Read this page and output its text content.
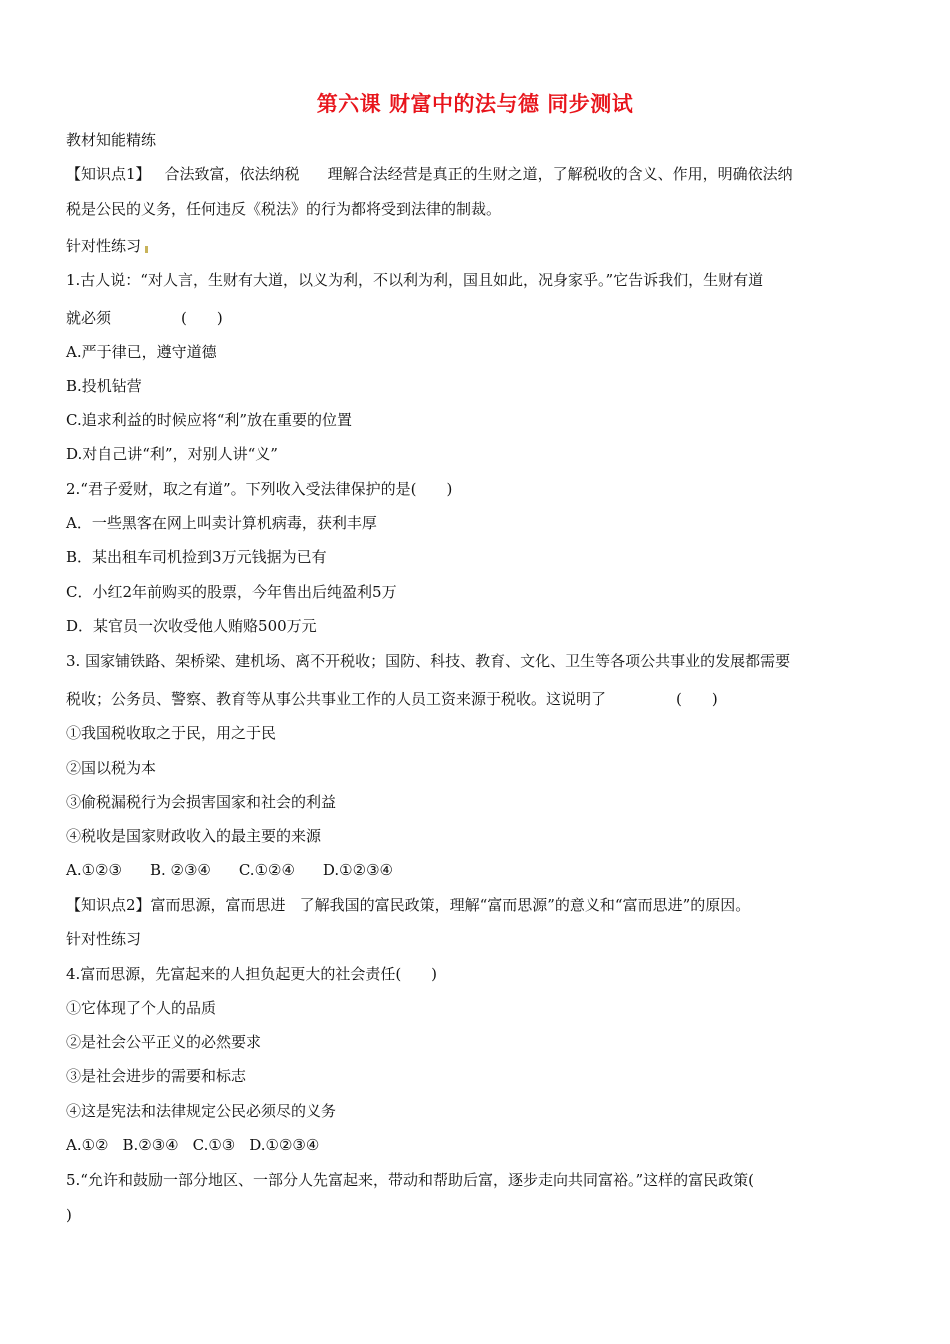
第六课 财富中的法与德 同步测试
教材知能精练
【知识点1】 合法致富，依法纳税 理解合法经营是真正的生财之道，了解税收的含义、作用，明确依法纳
税是公民的义务，任何违反《税法》的行为都将受到法律的制裁。
针对性练习
1.古人说：“对人言，生财有大道，以义为利，不以利为利，国且如此，况身家乎。”它告诉我们，生财有道
就必须	(　　)
A.严于律已，遵守道德
B.投机钻营
C.追求利益的时候应将“利”放在重要的位置
D.对自己讲“利”，对别人讲“义”
2.“君子爱财，取之有道”。下列收入受法律保护的是(　　)
A．一些黑客在网上叫卖计算机病毒，获利丰厚
B．某出租车司机捡到3万元钱据为已有
C．小红2年前购买的股票，今年售出后纯盈利5万
D．某官员一次收受他人贿赂500万元
3. 国家铺铁路、架桥梁、建机场、离不开税收；国防、科技、教育、文化、卫生等各项公共事业的发展都需要
税收；公务员、警察、教育等从事公共事业工作的人员工资来源于税收。这说明了	(　　)
①我国税收取之于民，用之于民
②国以税为本
③偷税漏税行为会损害国家和社会的利益
④税收是国家财政收入的最主要的来源
A.①②③ B. ②③④ C.①②④ D.①②③④
【知识点2】富而思源，富而思进 了解我国的富民政策，理解“富而思源”的意义和“富而思进”的原因。
针对性练习
4.富而思源，先富起来的人担负起更大的社会责任(　　)
①它体现了个人的品质
②是社会公平正义的必然要求
③是社会进步的需要和标志
④这是宪法和法律规定公民必须尽的义务
A.①② B.②③④ C.①③ D.①②③④
5.“允许和鼓励一部分地区、一部分人先富起来，带动和帮助后富，逐步走向共同富裕。”这样的富民政策(
)
